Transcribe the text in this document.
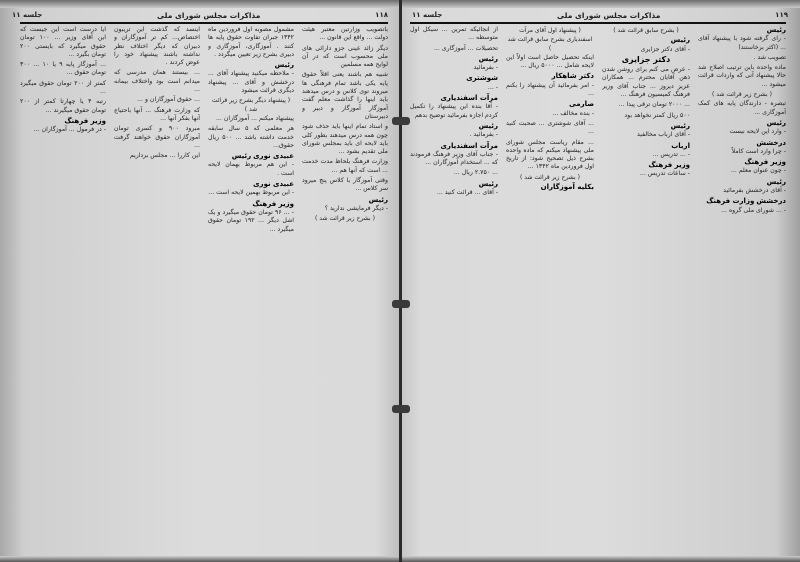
۱۱۸
مذاکرات مجلس شورای ملی
جلسه ۱۱

باتصویب وزارتین معتبر هیئت دولت ... واقع این قانون ...

دیگر زائد عینی جزو دارائی های ملی محسوب است که در آن لوایح همه مسلمین

شبیه هم باشند یعنی اقلاً حقوق پایه یکی باشد تمام فرهنگی ها میروند توی کلاس و درس میدهند باید اینها را گذاشت معلم گفت آموزگار آموزگار و دبیر و دبیرستان

و استاد تمام اینها باید حذف شود چون همه درس میدهند بطور کلی باید لایحه ای باید بمجلس شورای ملی تقدیم بشود ...

وزارت فرهنگ بلحاظ مدت خدمت ... است که آنها هم ...

وقتی آموزگار با کلاس پنج میرود سر کلاس ...

رئیس

- دیگر فرمایشی ندارید ؟

( بشرح زیر قرائت شد )

مشمول مصوبه اول فروردین ماه ۱۳۴۲ جبران تفاوت حقوق پایه ها کنند . آموزگاری، آموزگاری و دبیری بشرح زیر تعیین میگردد .

رئیس

- ملاحظه میکنید پیشنهاد آقای ... درخشش و آقای ... پیشنهاد دیگری قرائت میشود

( پیشنهاد دیگر بشرح زیر قرائت شد )

پیشنهاد میکنم ... آموزگاران ...

هر معلمی که ۵ سال سابقه خدمت داشته باشد ... ۵۰۰ ریال حقوق...

عبیدی نوری رئیس

- این هم مربوط بهمان لایحه است .

عبیدی نوری

- این مربوط بهمین لایحه است ...

وزیر فرهنگ

- ... ۹۶ تومان حقوق میگیرد و یک اشل دیگر ... ۱۹۲ تومان حقوق میگیرد ...

اینسد که گذشت این تریبون اختصاص... کم تر آموزگاران و دبیران که دیگر اختلاف نظر نداشته باشند پیشنهاد خود را عوض کردند .

... بیستند همان مدرسی که میدانم است بود واختلاف بیمانه ...

... حقوق آموزگاران و ...

که وزارت فرهنگ ... آنها باحتیاج آنها بفکر آنها ...

مبرود ۹۰۰ و کسری تومان آموزگاران حقوق خواهند گرفت ...

این کاررا ... مجلس برداریم

آیا درست است این جیست که این آقای وزیر ... ۱۰۰ تومان حقوق میگیرد که بایستی ۲۰۰ تومان بگیرد ...

... آموزگار پایه ۹ یا ۱۰ ... ۳۰۰ تومان حقوق ...

کمتر از ۲۰۰ تومان حقوق میگیرد ...

رتبه ۴ یا چهارتا کمتر از ۲۰۰ تومان حقوق میگیرند ...

وزیر فرهنگ

- در فرمول ... آموزگاران ...

۱۱۹
مذاکرات مجلس شورای ملی
جلسه ۱۱
رئیس

- رای گرفته شود با پیشنهاد آقای ... (اکثر برخاستند)

تصویب شد .

ماده واحده باین ترتیب اصلاح شد حالا پیشنهاد آنی که واردات قرائت میشود ...

( بشرح زیر قرائت شد )

تبصره - دارندگان پایه های کمک آموزگاری ...

رئیس

- وارد این لایحه نیست

درخشش

- چرا وارد است کاملاً

وزیر فرهنگ

- چون عنوان معلم ...

رئیس

- آقای درخشش بفرمائید

درخشش وزارت فرهنگ

- ... شورای ملی گروه ...

( بشرح سابق قرائت شد )
رئیس

- آقای دکتر جزایری

دکتر جزایری

- عرض می کنم برای روشن شدن ذهن آقایان محترم ... همکاران عزیز دیروز ... جناب آقای وزیر فرهنگ کمیسیون فرهنگ ...

... ۲۰۰۰ تومان ترقی پیدا ...

۵۰۰ ریال کمتر نخواهد بود

رئیس

- آقای ارباب مخالفید

ارباب

- ... تدریس ...

وزیر فرهنگ

- ساعات تدریس ...

( پیشنهاد اول آقای مرآت
اسفندیاری بشرح سابق قرائت شد )

اینکه تحصیل حاصل است اولاً این لایحه شامل ... ۵۰۰۰ ریال ...

دکتر شاهکار

- امر بفرمائید آن پیشنهاد را بکنم ...

صارمی

- بنده مخالف ...

... آقای شوشتری ... صحبت کنید ...

... مقام ریاست مجلس شورای ملی پیشنهاد میکنم که ماده واحده بشرح ذیل تصحیح شود: از تاریخ اول فروردین ماه ۱۳۴۲ ...

( بشرح زیر قرائت شد )
بکلیه آموزگاران

از آنجائیکه تمرین ... سیکل اول متوسطه ...

تحصیلات ... آموزگاری ...

رئیس

- بفرمائید

شوشتری

- ...

مرآت اسفندیاری

- آقا بنده این پیشنهاد را تکمیل کردم اجازه بفرمائید توضیح بدهم

رئیس

- بفرمائید .

مرآت اسفندیاری

- جناب آقای وزیر فرهنگ فرمودند که ... استخدام آموزگاران ...

... ۲.۷۵۰ ریال ...

رئیس

- آقای ... قرائت کنید ...
